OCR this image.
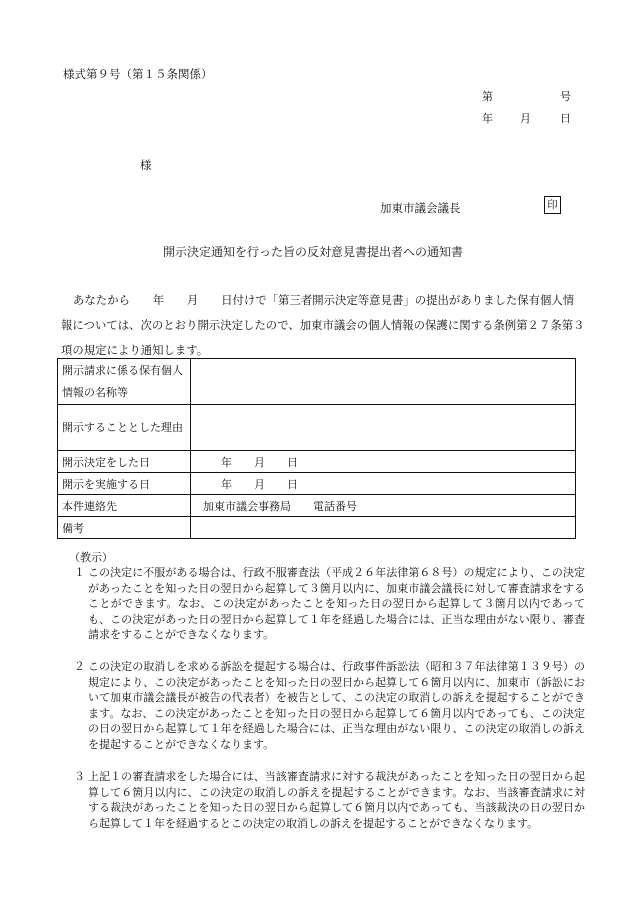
様式第９号（第１５条関係）
第	号
年 月	日
様
加東市議会議長	印
開示決定通知を行った旨の反対意見書提出者への通知書
あなたから　　年　　月　　日付けで「第三者開示決定等意見書」の提出がありました保有個人情報については、次のとおり開示決定したので、加東市議会の個人情報の保護に関する条例第２７条第３項の規定により通知します。
開示請求に係る保有個人情報の名称等	
開示することとした理由	
開示決定をした日	年　　月　　日
開示を実施する日	年　　月　　日
本件連絡先	加東市議会事務局　　電話番号
備考	
（教示）
１ この決定に不服がある場合は、行政不服審査法（平成２６年法律第６８号）の規定により、この決定があったことを知った日の翌日から起算して３箇月以内に、加東市議会議長に対して審査請求をすることができます。なお、この決定があったことを知った日の翌日から起算して３箇月以内であっても、この決定があった日の翌日から起算して１年を経過した場合には、正当な理由がない限り、審査請求をすることができなくなります。
２ この決定の取消しを求める訴訟を提起する場合は、行政事件訴訟法（昭和３７年法律第１３９号）の規定により、この決定があったことを知った日の翌日から起算して６箇月以内に、加東市（訴訟において加東市議会議長が被告の代表者）を被告として、この決定の取消しの訴えを提起することができます。なお、この決定があったことを知った日の翌日から起算して６箇月以内であっても、この決定の日の翌日から起算して１年を経過した場合には、正当な理由がない限り、この決定の取消しの訴えを提起することができなくなります。
３ 上記１の審査請求をした場合には、当該審査請求に対する裁決があったことを知った日の翌日から起算して６箇月以内に、この決定の取消しの訴えを提起することができます。なお、当該審査請求に対する裁決があったことを知った日の翌日から起算して６箇月以内であっても、当該裁決の日の翌日から起算して１年を経過するとこの決定の取消しの訴えを提起することができなくなります。
